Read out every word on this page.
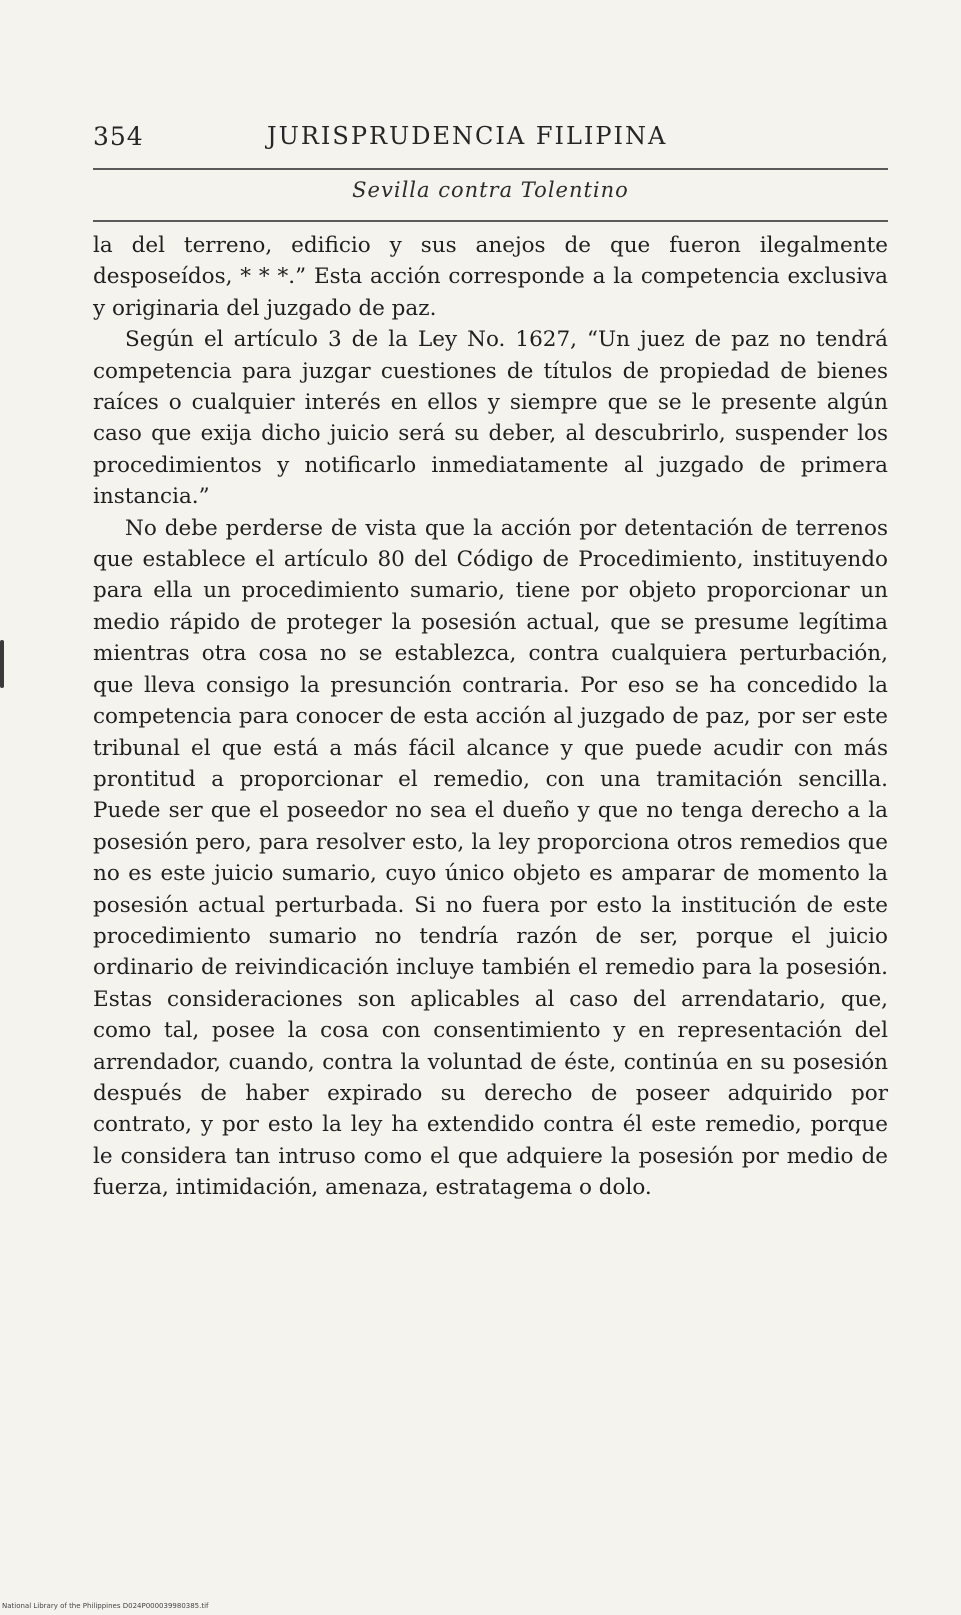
354	JURISPRUDENCIA FILIPINA
Sevilla contra Tolentino

la del terreno, edificio y sus anejos de que fueron ilegalmente desposeídos, * * *.” Esta acción corresponde a la competencia exclusiva y originaria del juzgado de paz.

Según el artículo 3 de la Ley No. 1627, “Un juez de paz no tendrá competencia para juzgar cuestiones de títulos de propiedad de bienes raíces o cualquier interés en ellos y siempre que se le presente algún caso que exija dicho juicio será su deber, al descubrirlo, suspender los procedimientos y notificarlo inmediatamente al juzgado de primera instancia.”

No debe perderse de vista que la acción por detentación de terrenos que establece el artículo 80 del Código de Procedimiento, instituyendo para ella un procedimiento sumario, tiene por objeto proporcionar un medio rápido de proteger la posesión actual, que se presume legítima mientras otra cosa no se establezca, contra cualquiera perturbación, que lleva consigo la presunción contraria. Por eso se ha concedido la competencia para conocer de esta acción al juzgado de paz, por ser este tribunal el que está a más fácil alcance y que puede acudir con más prontitud a proporcionar el remedio, con una tramitación sencilla. Puede ser que el poseedor no sea el dueño y que no tenga derecho a la posesión pero, para resolver esto, la ley proporciona otros remedios que no es este juicio sumario, cuyo único objeto es amparar de momento la posesión actual perturbada. Si no fuera por esto la institución de este procedimiento sumario no tendría razón de ser, porque el juicio ordinario de reivindicación incluye también el remedio para la posesión. Estas consideraciones son aplicables al caso del arrendatario, que, como tal, posee la cosa con consentimiento y en representación del arrendador, cuando, contra la voluntad de éste, continúa en su posesión después de haber expirado su derecho de poseer adquirido por contrato, y por esto la ley ha extendido contra él este remedio, porque le considera tan intruso como el que adquiere la posesión por medio de fuerza, intimidación, amenaza, estratagema o dolo.

National Library of the Philippines D024P000039980385.tif
